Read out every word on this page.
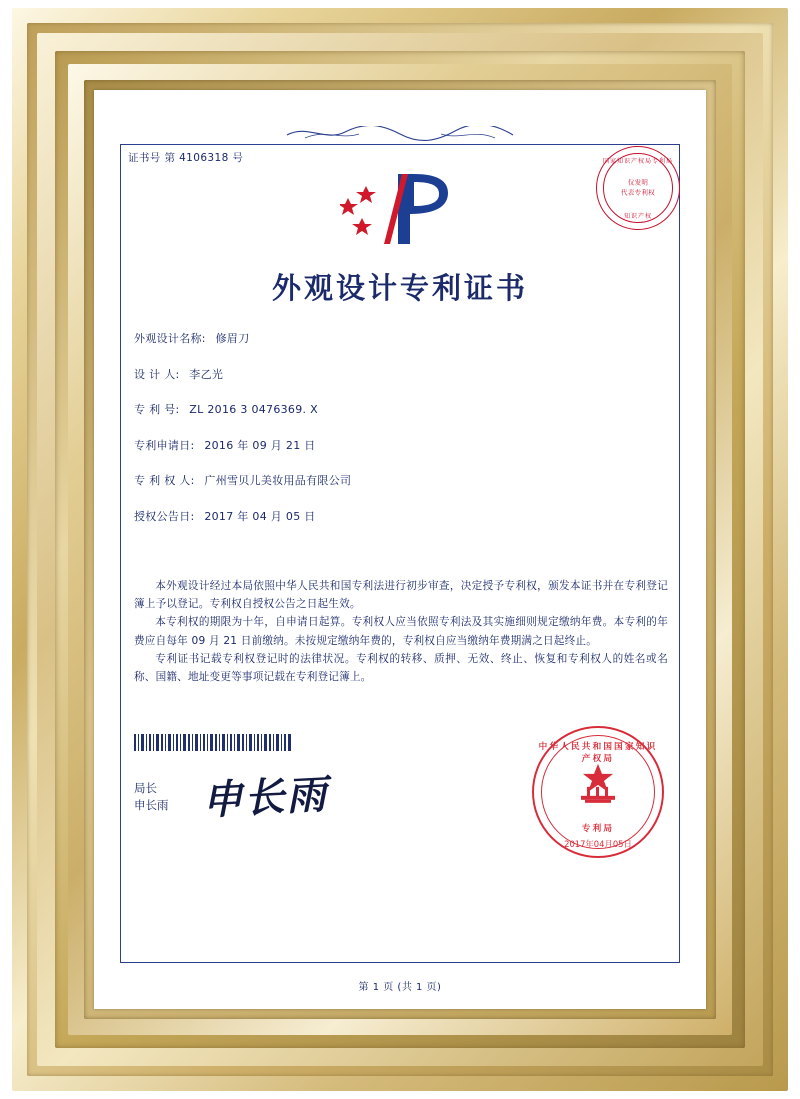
证书号 第 4106318 号	国家知识产权局专利局
仅发明
代表专利权
知识产权
外观设计专利证书
外观设计名称: 修眉刀
设 计 人: 李乙光
专 利 号: ZL 2016 3 0476369. X
专利申请日: 2016 年 09 月 21 日
专 利 权 人: 广州雪贝儿美妆用品有限公司
授权公告日: 2017 年 04 月 05 日

本外观设计经过本局依照中华人民共和国专利法进行初步审查，决定授予专利权，颁发本证书并在专利登记簿上予以登记。专利权自授权公告之日起生效。

本专利权的期限为十年，自申请日起算。专利权人应当依照专利法及其实施细则规定缴纳年费。本专利的年费应自每年 09 月 21 日前缴纳。未按规定缴纳年费的，专利权自应当缴纳年费期满之日起终止。

专利证书记载专利权登记时的法律状况。专利权的转移、质押、无效、终止、恢复和专利权人的姓名或名称、国籍、地址变更等事项记载在专利登记簿上。

局长
申长雨 申长雨
中华人民共和国国家知识产权局
专利局
2017年04月05日
第 1 页 (共 1 页)
